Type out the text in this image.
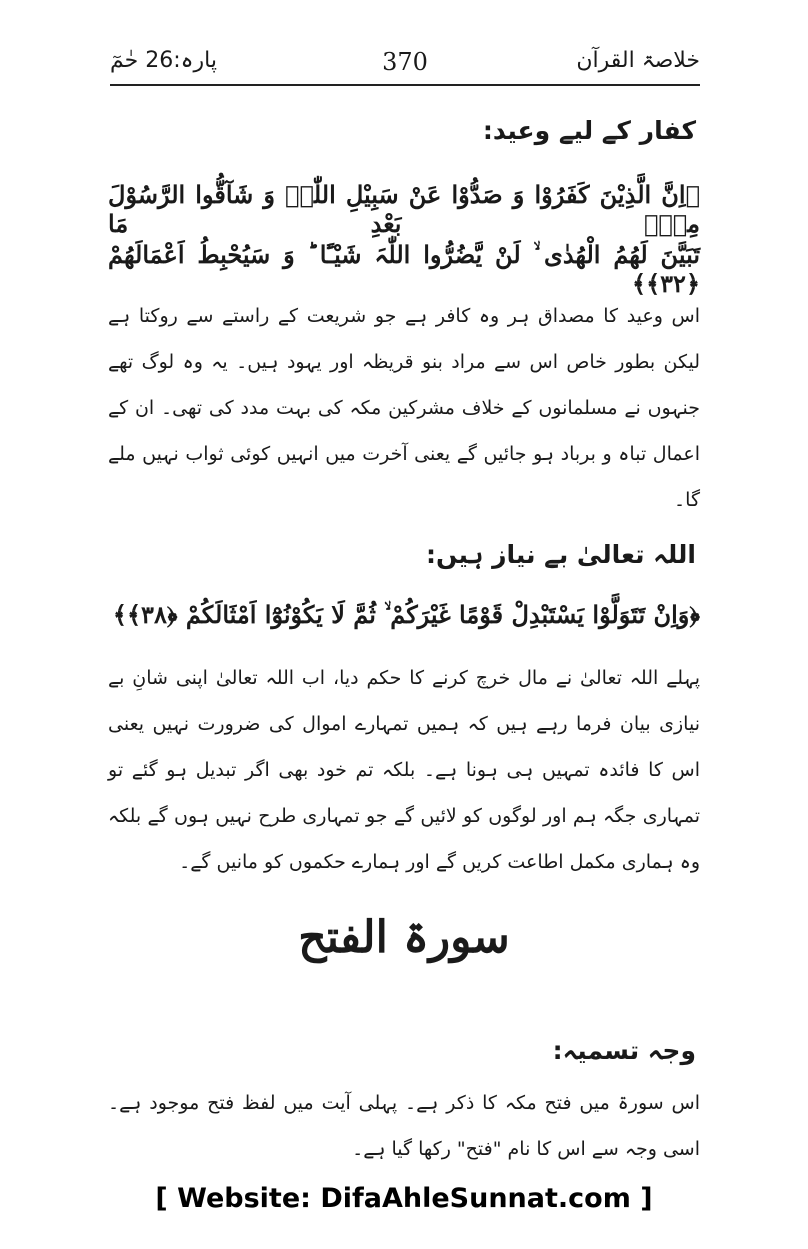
خلاصۃ القرآن
370
پارہ:26 حٰمٓ
کفار کے لیے وعید:
﴿اِنَّ الَّذِیْنَ کَفَرُوْا وَ صَدُّوْا عَنْ سَبِیْلِ اللّٰہِ وَ شَآقُّوا الرَّسُوْلَ مِنْۢ بَعْدِ مَا
تَبَیَّنَ لَهُمُ الْهُدٰی ۙ لَنْ یَّضُرُّوا اللّٰہَ شَیْـًٔا ؕ وَ سَیُحْبِطُ اَعْمَالَهُمْ ﴿۳۲﴾﴾

اس وعید کا مصداق ہر وہ کافر ہے جو شریعت کے راستے سے روکتا ہے لیکن بطور خاص اس سے مراد بنو قریظہ اور یہود ہیں۔ یہ وہ لوگ تھے جنہوں نے مسلمانوں کے خلاف مشرکین مکہ کی بہت مدد کی تھی۔ ان کے اعمال تباہ و برباد ہو جائیں گے یعنی آخرت میں انہیں کوئی ثواب نہیں ملے گا۔

اللہ تعالیٰ بے نیاز ہیں:
﴿وَاِنْ تَتَوَلَّوْا یَسْتَبْدِلْ قَوْمًا غَیْرَکُمْ ۙ ثُمَّ لَا یَکُوْنُوْٓا اَمْثَالَکُمْ ﴿۳۸﴾﴾

پہلے اللہ تعالیٰ نے مال خرچ کرنے کا حکم دیا، اب اللہ تعالیٰ اپنی شانِ بے نیازی بیان فرما رہے ہیں کہ ہمیں تمہارے اموال کی ضرورت نہیں یعنی اس کا فائدہ تمہیں ہی ہونا ہے۔ بلکہ تم خود بھی اگر تبدیل ہو گئے تو تمہاری جگہ ہم اور لوگوں کو لائیں گے جو تمہاری طرح نہیں ہوں گے بلکہ وہ ہماری مکمل اطاعت کریں گے اور ہمارے حکموں کو مانیں گے۔

سورۃ الفتح
وجہ تسمیہ:

اس سورۃ میں فتح مکہ کا ذکر ہے۔ پہلی آیت میں لفظ فتح موجود ہے۔ اسی وجہ سے اس کا نام "فتح" رکھا گیا ہے۔

[ Website: DifaAhleSunnat.com ]
